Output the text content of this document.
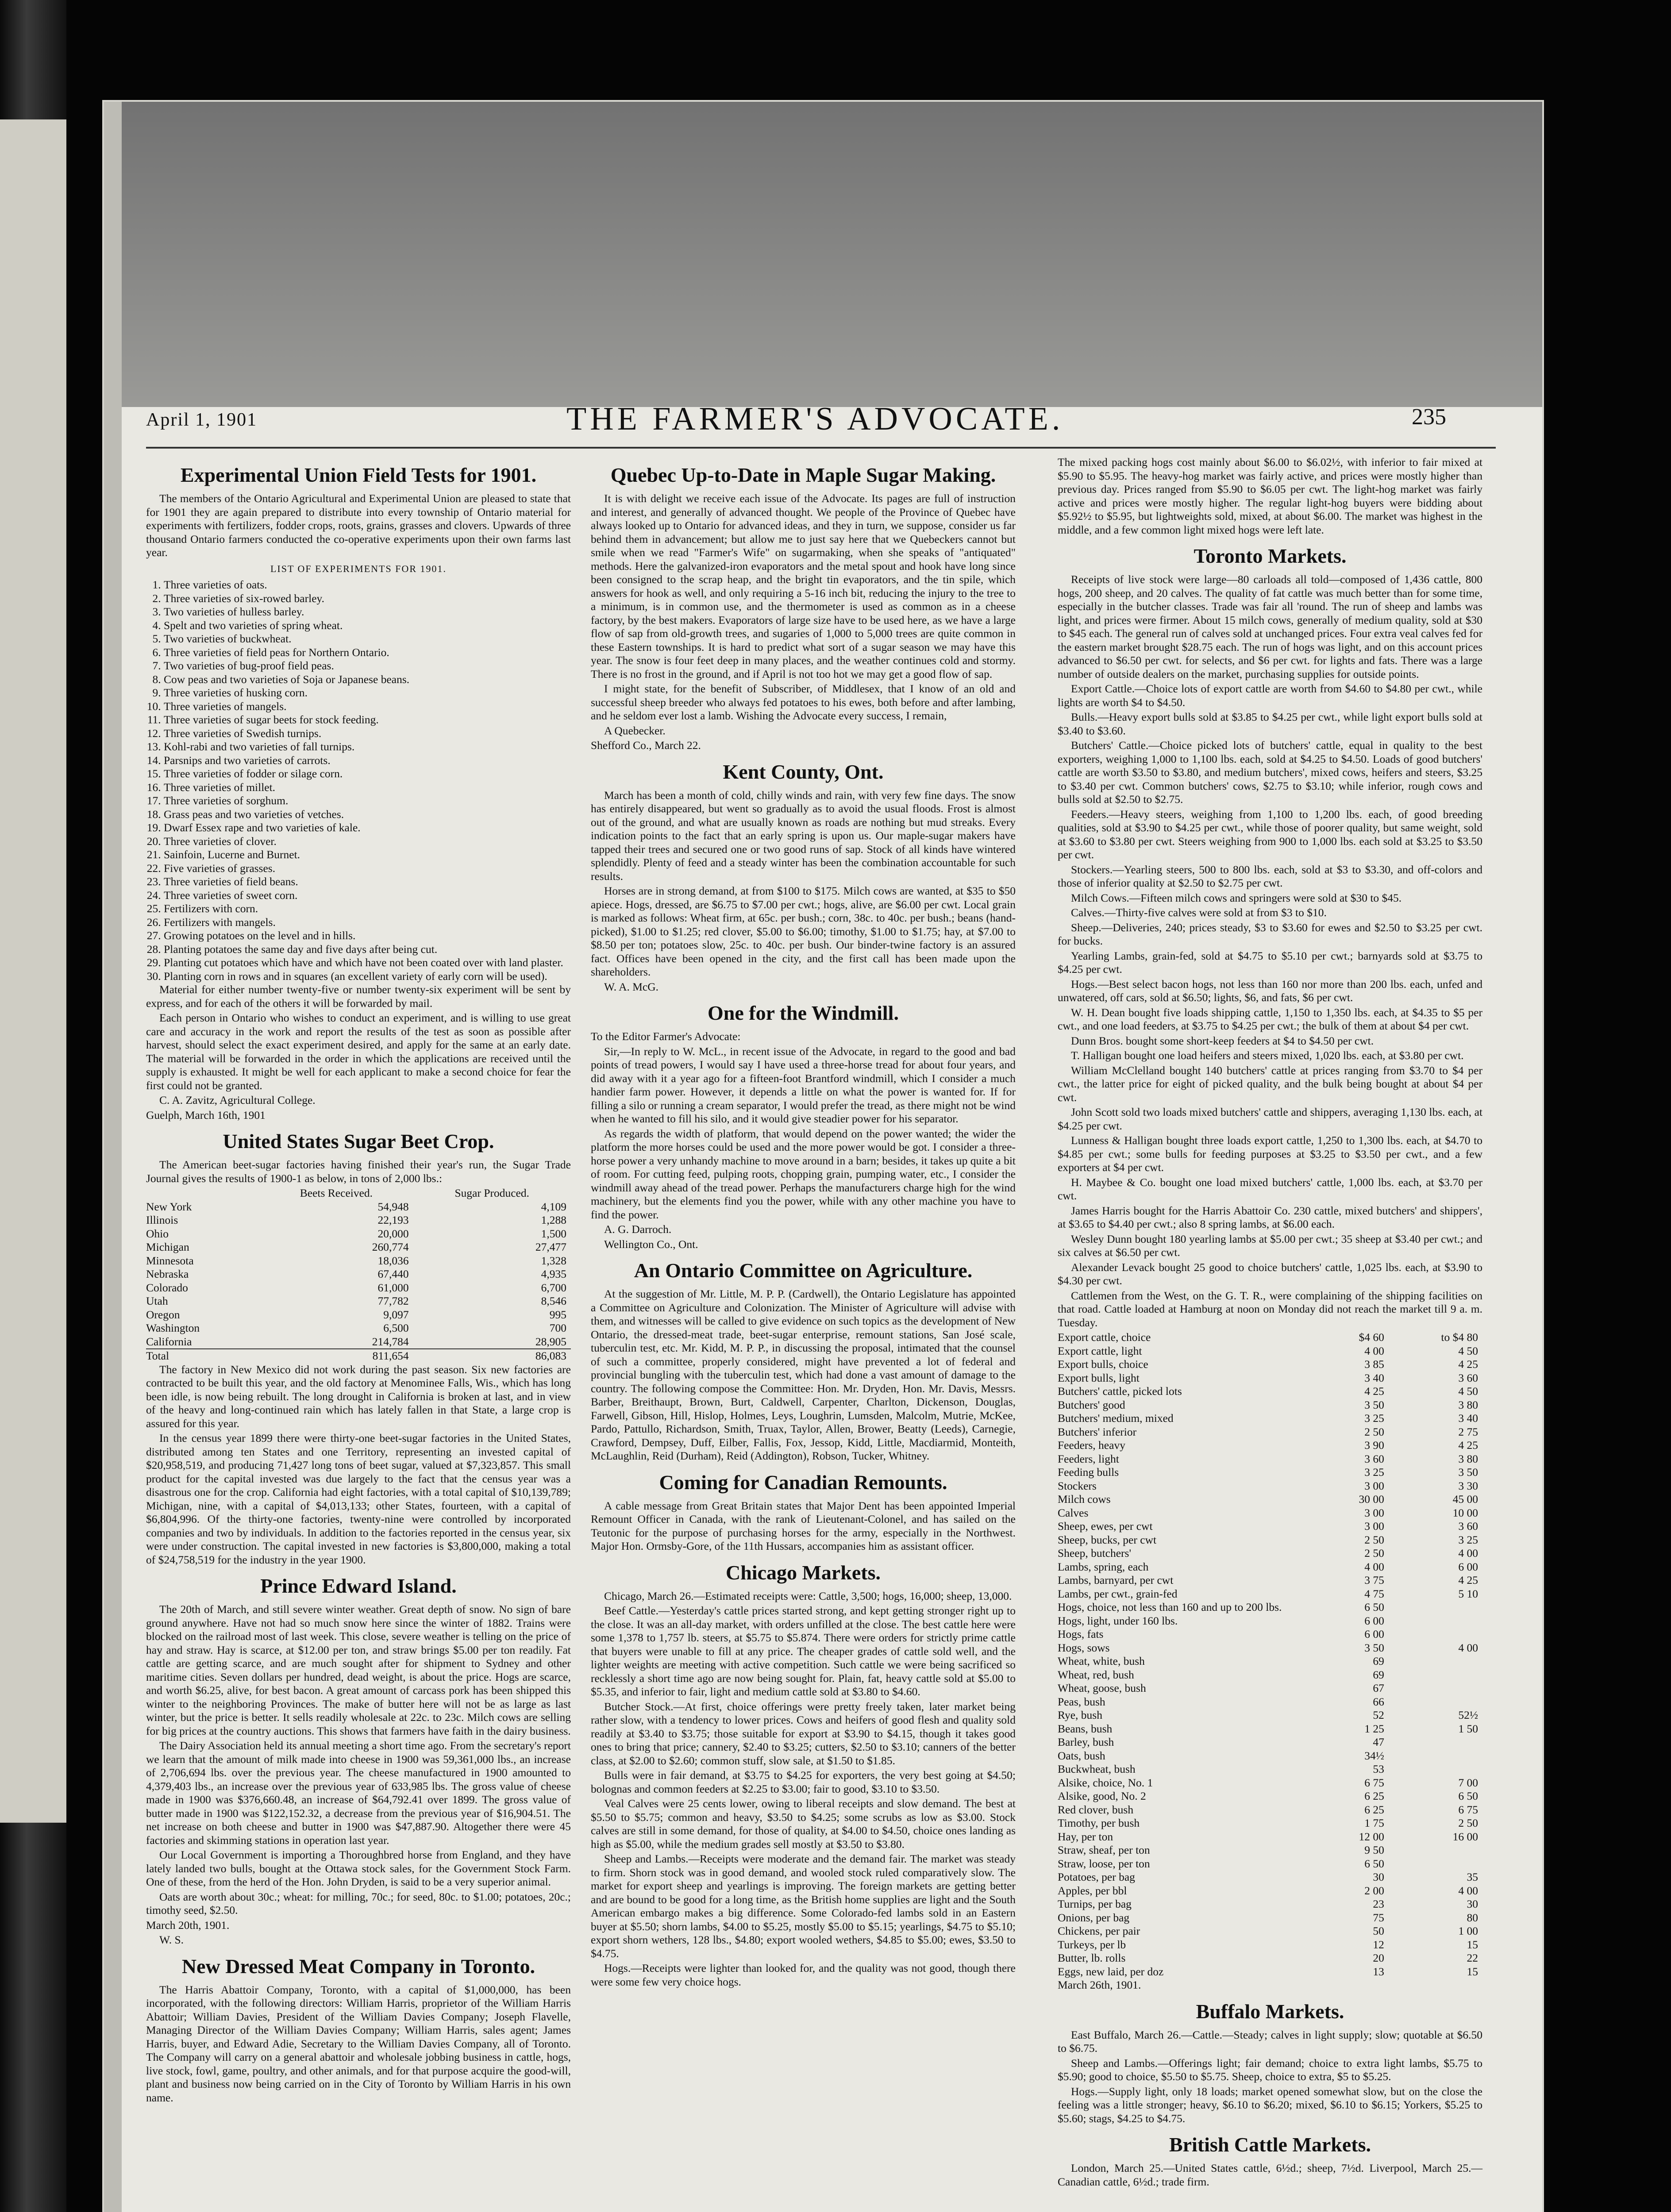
April 1, 1901	THE FARMER'S ADVOCATE.	235
Experimental Union Field Tests for 1901.

The members of the Ontario Agricultural and Experimental Union are pleased to state that for 1901 they are again prepared to distribute into every township of Ontario material for experiments with fertilizers, fodder crops, roots, grains, grasses and clovers. Upwards of three thousand Ontario farmers conducted the co-operative experiments upon their own farms last year.

LIST OF EXPERIMENTS FOR 1901.
1. Three varieties of oats.
2. Three varieties of six-rowed barley.
3. Two varieties of hulless barley.
4. Spelt and two varieties of spring wheat.
5. Two varieties of buckwheat.
6. Three varieties of field peas for Northern Ontario.
7. Two varieties of bug-proof field peas.
8. Cow peas and two varieties of Soja or Japanese beans.
9. Three varieties of husking corn.
10. Three varieties of mangels.
11. Three varieties of sugar beets for stock feeding.
12. Three varieties of Swedish turnips.
13. Kohl-rabi and two varieties of fall turnips.
14. Parsnips and two varieties of carrots.
15. Three varieties of fodder or silage corn.
16. Three varieties of millet.
17. Three varieties of sorghum.
18. Grass peas and two varieties of vetches.
19. Dwarf Essex rape and two varieties of kale.
20. Three varieties of clover.
21. Sainfoin, Lucerne and Burnet.
22. Five varieties of grasses.
23. Three varieties of field beans.
24. Three varieties of sweet corn.
25. Fertilizers with corn.
26. Fertilizers with mangels.
27. Growing potatoes on the level and in hills.
28. Planting potatoes the same day and five days after being cut.
29. Planting cut potatoes which have and which have not been coated over with land plaster.
30. Planting corn in rows and in squares (an excellent variety of early corn will be used).

Material for either number twenty-five or number twenty-six experiment will be sent by express, and for each of the others it will be forwarded by mail.

Each person in Ontario who wishes to conduct an experiment, and is willing to use great care and accuracy in the work and report the results of the test as soon as possible after harvest, should select the exact experiment desired, and apply for the same at an early date. The material will be forwarded in the order in which the applications are received until the supply is exhausted. It might be well for each applicant to make a second choice for fear the first could not be granted.

C. A. Zavitz, Agricultural College.

Guelph, March 16th, 1901

United States Sugar Beet Crop.

The American beet-sugar factories having finished their year's run, the Sugar Trade Journal gives the results of 1900-1 as below, in tons of 2,000 lbs.:

	Beets Received.	Sugar Produced.
New York	54,948	4,109
Illinois	22,193	1,288
Ohio	20,000	1,500
Michigan	260,774	27,477
Minnesota	18,036	1,328
Nebraska	67,440	4,935
Colorado	61,000	6,700
Utah	77,782	8,546
Oregon	9,097	995
Washington	6,500	700
California	214,784	28,905
Total	811,654	86,083

The factory in New Mexico did not work during the past season. Six new factories are contracted to be built this year, and the old factory at Menominee Falls, Wis., which has long been idle, is now being rebuilt. The long drought in California is broken at last, and in view of the heavy and long-continued rain which has lately fallen in that State, a large crop is assured for this year.

In the census year 1899 there were thirty-one beet-sugar factories in the United States, distributed among ten States and one Territory, representing an invested capital of $20,958,519, and producing 71,427 long tons of beet sugar, valued at $7,323,857. This small product for the capital invested was due largely to the fact that the census year was a disastrous one for the crop. California had eight factories, with a total capital of $10,139,789; Michigan, nine, with a capital of $4,013,133; other States, fourteen, with a capital of $6,804,996. Of the thirty-one factories, twenty-nine were controlled by incorporated companies and two by individuals. In addition to the factories reported in the census year, six were under construction. The capital invested in new factories is $3,800,000, making a total of $24,758,519 for the industry in the year 1900.

Prince Edward Island.

The 20th of March, and still severe winter weather. Great depth of snow. No sign of bare ground anywhere. Have not had so much snow here since the winter of 1882. Trains were blocked on the railroad most of last week. This close, severe weather is telling on the price of hay and straw. Hay is scarce, at $12.00 per ton, and straw brings $5.00 per ton readily. Fat cattle are getting scarce, and are much sought after for shipment to Sydney and other maritime cities. Seven dollars per hundred, dead weight, is about the price. Hogs are scarce, and worth $6.25, alive, for best bacon. A great amount of carcass pork has been shipped this winter to the neighboring Provinces. The make of butter here will not be as large as last winter, but the price is better. It sells readily wholesale at 22c. to 23c. Milch cows are selling for big prices at the country auctions. This shows that farmers have faith in the dairy business.

The Dairy Association held its annual meeting a short time ago. From the secretary's report we learn that the amount of milk made into cheese in 1900 was 59,361,000 lbs., an increase of 2,706,694 lbs. over the previous year. The cheese manufactured in 1900 amounted to 4,379,403 lbs., an increase over the previous year of 633,985 lbs. The gross value of cheese made in 1900 was $376,660.48, an increase of $64,792.41 over 1899. The gross value of butter made in 1900 was $122,152.32, a decrease from the previous year of $16,904.51. The net increase on both cheese and butter in 1900 was $47,887.90. Altogether there were 45 factories and skimming stations in operation last year.

Our Local Government is importing a Thoroughbred horse from England, and they have lately landed two bulls, bought at the Ottawa stock sales, for the Government Stock Farm. One of these, from the herd of the Hon. John Dryden, is said to be a very superior animal.

Oats are worth about 30c.; wheat: for milling, 70c.; for seed, 80c. to $1.00; potatoes, 20c.; timothy seed, $2.50.

March 20th, 1901.

W. S.

New Dressed Meat Company in Toronto.

The Harris Abattoir Company, Toronto, with a capital of $1,000,000, has been incorporated, with the following directors: William Harris, proprietor of the William Harris Abattoir; William Davies, President of the William Davies Company; Joseph Flavelle, Managing Director of the William Davies Company; William Harris, sales agent; James Harris, buyer, and Edward Adie, Secretary to the William Davies Company, all of Toronto. The Company will carry on a general abattoir and wholesale jobbing business in cattle, hogs, live stock, fowl, game, poultry, and other animals, and for that purpose acquire the good-will, plant and business now being carried on in the City of Toronto by William Harris in his own name.

Quebec Up-to-Date in Maple Sugar Making.

It is with delight we receive each issue of the Advocate. Its pages are full of instruction and interest, and generally of advanced thought. We people of the Province of Quebec have always looked up to Ontario for advanced ideas, and they in turn, we suppose, consider us far behind them in advancement; but allow me to just say here that we Quebeckers cannot but smile when we read "Farmer's Wife" on sugarmaking, when she speaks of "antiquated" methods. Here the galvanized-iron evaporators and the metal spout and hook have long since been consigned to the scrap heap, and the bright tin evaporators, and the tin spile, which answers for hook as well, and only requiring a 5-16 inch bit, reducing the injury to the tree to a minimum, is in common use, and the thermometer is used as common as in a cheese factory, by the best makers. Evaporators of large size have to be used here, as we have a large flow of sap from old-growth trees, and sugaries of 1,000 to 5,000 trees are quite common in these Eastern townships. It is hard to predict what sort of a sugar season we may have this year. The snow is four feet deep in many places, and the weather continues cold and stormy. There is no frost in the ground, and if April is not too hot we may get a good flow of sap.

I might state, for the benefit of Subscriber, of Middlesex, that I know of an old and successful sheep breeder who always fed potatoes to his ewes, both before and after lambing, and he seldom ever lost a lamb. Wishing the Advocate every success, I remain,

A Quebecker.

Shefford Co., March 22.

Kent County, Ont.

March has been a month of cold, chilly winds and rain, with very few fine days. The snow has entirely disappeared, but went so gradually as to avoid the usual floods. Frost is almost out of the ground, and what are usually known as roads are nothing but mud streaks. Every indication points to the fact that an early spring is upon us. Our maple-sugar makers have tapped their trees and secured one or two good runs of sap. Stock of all kinds have wintered splendidly. Plenty of feed and a steady winter has been the combination accountable for such results.

Horses are in strong demand, at from $100 to $175. Milch cows are wanted, at $35 to $50 apiece. Hogs, dressed, are $6.75 to $7.00 per cwt.; hogs, alive, are $6.00 per cwt. Local grain is marked as follows: Wheat firm, at 65c. per bush.; corn, 38c. to 40c. per bush.; beans (hand-picked), $1.00 to $1.25; red clover, $5.00 to $6.00; timothy, $1.00 to $1.75; hay, at $7.00 to $8.50 per ton; potatoes slow, 25c. to 40c. per bush. Our binder-twine factory is an assured fact. Offices have been opened in the city, and the first call has been made upon the shareholders.

W. A. McG.

One for the Windmill.

To the Editor Farmer's Advocate:

Sir,—In reply to W. McL., in recent issue of the Advocate, in regard to the good and bad points of tread powers, I would say I have used a three-horse tread for about four years, and did away with it a year ago for a fifteen-foot Brantford windmill, which I consider a much handier farm power. However, it depends a little on what the power is wanted for. If for filling a silo or running a cream separator, I would prefer the tread, as there might not be wind when he wanted to fill his silo, and it would give steadier power for his separator.

As regards the width of platform, that would depend on the power wanted; the wider the platform the more horses could be used and the more power would be got. I consider a three-horse power a very unhandy machine to move around in a barn; besides, it takes up quite a bit of room. For cutting feed, pulping roots, chopping grain, pumping water, etc., I consider the windmill away ahead of the tread power. Perhaps the manufacturers charge high for the wind machinery, but the elements find you the power, while with any other machine you have to find the power.

A. G. Darroch.

Wellington Co., Ont.

An Ontario Committee on Agriculture.

At the suggestion of Mr. Little, M. P. P. (Cardwell), the Ontario Legislature has appointed a Committee on Agriculture and Colonization. The Minister of Agriculture will advise with them, and witnesses will be called to give evidence on such topics as the development of New Ontario, the dressed-meat trade, beet-sugar enterprise, remount stations, San José scale, tuberculin test, etc. Mr. Kidd, M. P. P., in discussing the proposal, intimated that the counsel of such a committee, properly considered, might have prevented a lot of federal and provincial bungling with the tuberculin test, which had done a vast amount of damage to the country. The following compose the Committee: Hon. Mr. Dryden, Hon. Mr. Davis, Messrs. Barber, Breithaupt, Brown, Burt, Caldwell, Carpenter, Charlton, Dickenson, Douglas, Farwell, Gibson, Hill, Hislop, Holmes, Leys, Loughrin, Lumsden, Malcolm, Mutrie, McKee, Pardo, Pattullo, Richardson, Smith, Truax, Taylor, Allen, Brower, Beatty (Leeds), Carnegie, Crawford, Dempsey, Duff, Eilber, Fallis, Fox, Jessop, Kidd, Little, Macdiarmid, Monteith, McLaughlin, Reid (Durham), Reid (Addington), Robson, Tucker, Whitney.

Coming for Canadian Remounts.

A cable message from Great Britain states that Major Dent has been appointed Imperial Remount Officer in Canada, with the rank of Lieutenant-Colonel, and has sailed on the Teutonic for the purpose of purchasing horses for the army, especially in the Northwest. Major Hon. Ormsby-Gore, of the 11th Hussars, accompanies him as assistant officer.

Chicago Markets.

Chicago, March 26.—Estimated receipts were: Cattle, 3,500; hogs, 16,000; sheep, 13,000.

Beef Cattle.—Yesterday's cattle prices started strong, and kept getting stronger right up to the close. It was an all-day market, with orders unfilled at the close. The best cattle here were some 1,378 to 1,757 lb. steers, at $5.75 to $5.874. There were orders for strictly prime cattle that buyers were unable to fill at any price. The cheaper grades of cattle sold well, and the lighter weights are meeting with active competition. Such cattle we were being sacrificed so recklessly a short time ago are now being sought for. Plain, fat, heavy cattle sold at $5.00 to $5.35, and inferior to fair, light and medium cattle sold at $3.80 to $4.60.

Butcher Stock.—At first, choice offerings were pretty freely taken, later market being rather slow, with a tendency to lower prices. Cows and heifers of good flesh and quality sold readily at $3.40 to $3.75; those suitable for export at $3.90 to $4.15, though it takes good ones to bring that price; cannery, $2.40 to $3.25; cutters, $2.50 to $3.10; canners of the better class, at $2.00 to $2.60; common stuff, slow sale, at $1.50 to $1.85.

Bulls were in fair demand, at $3.75 to $4.25 for exporters, the very best going at $4.50; bolognas and common feeders at $2.25 to $3.00; fair to good, $3.10 to $3.50.

Veal Calves were 25 cents lower, owing to liberal receipts and slow demand. The best at $5.50 to $5.75; common and heavy, $3.50 to $4.25; some scrubs as low as $3.00. Stock calves are still in some demand, for those of quality, at $4.00 to $4.50, choice ones landing as high as $5.00, while the medium grades sell mostly at $3.50 to $3.80.

Sheep and Lambs.—Receipts were moderate and the demand fair. The market was steady to firm. Shorn stock was in good demand, and wooled stock ruled comparatively slow. The market for export sheep and yearlings is improving. The foreign markets are getting better and are bound to be good for a long time, as the British home supplies are light and the South American embargo makes a big difference. Some Colorado-fed lambs sold in an Eastern buyer at $5.50; shorn lambs, $4.00 to $5.25, mostly $5.00 to $5.15; yearlings, $4.75 to $5.10; export shorn wethers, 128 lbs., $4.80; export wooled wethers, $4.85 to $5.00; ewes, $3.50 to $4.75.

Hogs.—Receipts were lighter than looked for, and the quality was not good, though there were some few very choice hogs.

The mixed packing hogs cost mainly about $6.00 to $6.02½, with inferior to fair mixed at $5.90 to $5.95. The heavy-hog market was fairly active, and prices were mostly higher than previous day. Prices ranged from $5.90 to $6.05 per cwt. The light-hog market was fairly active and prices were mostly higher. The regular light-hog buyers were bidding about $5.92½ to $5.95, but lightweights sold, mixed, at about $6.00. The market was highest in the middle, and a few common light mixed hogs were left late.

Toronto Markets.

Receipts of live stock were large—80 carloads all told—composed of 1,436 cattle, 800 hogs, 200 sheep, and 20 calves. The quality of fat cattle was much better than for some time, especially in the butcher classes. Trade was fair all 'round. The run of sheep and lambs was light, and prices were firmer. About 15 milch cows, generally of medium quality, sold at $30 to $45 each. The general run of calves sold at unchanged prices. Four extra veal calves fed for the eastern market brought $28.75 each. The run of hogs was light, and on this account prices advanced to $6.50 per cwt. for selects, and $6 per cwt. for lights and fats. There was a large number of outside dealers on the market, purchasing supplies for outside points.

Export Cattle.—Choice lots of export cattle are worth from $4.60 to $4.80 per cwt., while lights are worth $4 to $4.50.

Bulls.—Heavy export bulls sold at $3.85 to $4.25 per cwt., while light export bulls sold at $3.40 to $3.60.

Butchers' Cattle.—Choice picked lots of butchers' cattle, equal in quality to the best exporters, weighing 1,000 to 1,100 lbs. each, sold at $4.25 to $4.50. Loads of good butchers' cattle are worth $3.50 to $3.80, and medium butchers', mixed cows, heifers and steers, $3.25 to $3.40 per cwt. Common butchers' cows, $2.75 to $3.10; while inferior, rough cows and bulls sold at $2.50 to $2.75.

Feeders.—Heavy steers, weighing from 1,100 to 1,200 lbs. each, of good breeding qualities, sold at $3.90 to $4.25 per cwt., while those of poorer quality, but same weight, sold at $3.60 to $3.80 per cwt. Steers weighing from 900 to 1,000 lbs. each sold at $3.25 to $3.50 per cwt.

Stockers.—Yearling steers, 500 to 800 lbs. each, sold at $3 to $3.30, and off-colors and those of inferior quality at $2.50 to $2.75 per cwt.

Milch Cows.—Fifteen milch cows and springers were sold at $30 to $45.

Calves.—Thirty-five calves were sold at from $3 to $10.

Sheep.—Deliveries, 240; prices steady, $3 to $3.60 for ewes and $2.50 to $3.25 per cwt. for bucks.

Yearling Lambs, grain-fed, sold at $4.75 to $5.10 per cwt.; barnyards sold at $3.75 to $4.25 per cwt.

Hogs.—Best select bacon hogs, not less than 160 nor more than 200 lbs. each, unfed and unwatered, off cars, sold at $6.50; lights, $6, and fats, $6 per cwt.

W. H. Dean bought five loads shipping cattle, 1,150 to 1,350 lbs. each, at $4.35 to $5 per cwt., and one load feeders, at $3.75 to $4.25 per cwt.; the bulk of them at about $4 per cwt.

Dunn Bros. bought some short-keep feeders at $4 to $4.50 per cwt.

T. Halligan bought one load heifers and steers mixed, 1,020 lbs. each, at $3.80 per cwt.

William McClelland bought 140 butchers' cattle at prices ranging from $3.70 to $4 per cwt., the latter price for eight of picked quality, and the bulk being bought at about $4 per cwt.

John Scott sold two loads mixed butchers' cattle and shippers, averaging 1,130 lbs. each, at $4.25 per cwt.

Lunness & Halligan bought three loads export cattle, 1,250 to 1,300 lbs. each, at $4.70 to $4.85 per cwt.; some bulls for feeding purposes at $3.25 to $3.50 per cwt., and a few exporters at $4 per cwt.

H. Maybee & Co. bought one load mixed butchers' cattle, 1,000 lbs. each, at $3.70 per cwt.

James Harris bought for the Harris Abattoir Co. 230 cattle, mixed butchers' and shippers', at $3.65 to $4.40 per cwt.; also 8 spring lambs, at $6.00 each.

Wesley Dunn bought 180 yearling lambs at $5.00 per cwt.; 35 sheep at $3.40 per cwt.; and six calves at $6.50 per cwt.

Alexander Levack bought 25 good to choice butchers' cattle, 1,025 lbs. each, at $3.90 to $4.30 per cwt.

Cattlemen from the West, on the G. T. R., were complaining of the shipping facilities on that road. Cattle loaded at Hamburg at noon on Monday did not reach the market till 9 a. m. Tuesday.

Export cattle, choice	$4 60	to $4 80
Export cattle, light	4 00	4 50
Export bulls, choice	3 85	4 25
Export bulls, light	3 40	3 60
Butchers' cattle, picked lots	4 25	4 50
Butchers' good	3 50	3 80
Butchers' medium, mixed	3 25	3 40
Butchers' inferior	2 50	2 75
Feeders, heavy	3 90	4 25
Feeders, light	3 60	3 80
Feeding bulls	3 25	3 50
Stockers	3 00	3 30
Milch cows	30 00	45 00
Calves	3 00	10 00
Sheep, ewes, per cwt	3 00	3 60
Sheep, bucks, per cwt	2 50	3 25
Sheep, butchers'	2 50	4 00
Lambs, spring, each	4 00	6 00
Lambs, barnyard, per cwt	3 75	4 25
Lambs, per cwt., grain-fed	4 75	5 10
Hogs, choice, not less than 160 and up to 200 lbs.	6 50	
Hogs, light, under 160 lbs.	6 00	
Hogs, fats	6 00	
Hogs, sows	3 50	4 00
Wheat, white, bush	69	
Wheat, red, bush	69	
Wheat, goose, bush	67	
Peas, bush	66	
Rye, bush	52	52½
Beans, bush	1 25	1 50
Barley, bush	47	
Oats, bush	34½	
Buckwheat, bush	53	
Alsike, choice, No. 1	6 75	7 00
Alsike, good, No. 2	6 25	6 50
Red clover, bush	6 25	6 75
Timothy, per bush	1 75	2 50
Hay, per ton	12 00	16 00
Straw, sheaf, per ton	9 50	
Straw, loose, per ton	6 50	
Potatoes, per bag	30	35
Apples, per bbl	2 00	4 00
Turnips, per bag	23	30
Onions, per bag	75	80
Chickens, per pair	50	1 00
Turkeys, per lb	12	15
Butter, lb. rolls	20	22
Eggs, new laid, per doz	13	15

March 26th, 1901.

Buffalo Markets.

East Buffalo, March 26.—Cattle.—Steady; calves in light supply; slow; quotable at $6.50 to $6.75.

Sheep and Lambs.—Offerings light; fair demand; choice to extra light lambs, $5.75 to $5.90; good to choice, $5.50 to $5.75. Sheep, choice to extra, $5 to $5.25.

Hogs.—Supply light, only 18 loads; market opened somewhat slow, but on the close the feeling was a little stronger; heavy, $6.10 to $6.20; mixed, $6.10 to $6.15; Yorkers, $5.25 to $5.60; stags, $4.25 to $4.75.

British Cattle Markets.

London, March 25.—United States cattle, 6½d.; sheep, 7½d. Liverpool, March 25.—Canadian cattle, 6½d.; trade firm.
